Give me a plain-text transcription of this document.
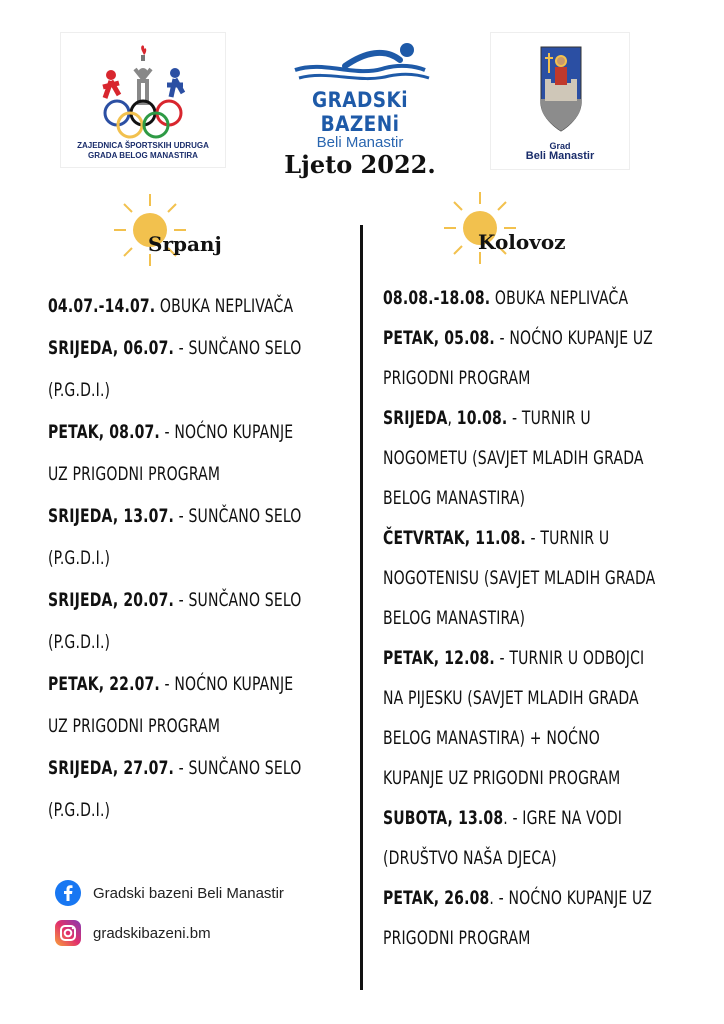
ZAJEDNICA ŠPORTSKIH UDRUGA
GRADA BELOG MANASTIRA
GRADSKi BAZENi
Beli Manastir	Grad
Beli Manastir
Ljeto 2022.
Srpanj	Kolovoz
04.07.-14.07. OBUKA NEPLIVAČA
SRIJEDA, 06.07. - SUNČANO SELO
(P.G.D.I.)
PETAK, 08.07. - NOĆNO KUPANJE
UZ PRIGODNI PROGRAM
SRIJEDA, 13.07. - SUNČANO SELO
(P.G.D.I.)
SRIJEDA, 20.07. - SUNČANO SELO
(P.G.D.I.)
PETAK, 22.07. - NOĆNO KUPANJE
UZ PRIGODNI PROGRAM
SRIJEDA, 27.07. - SUNČANO SELO
(P.G.D.I.)
08.08.-18.08. OBUKA NEPLIVAČA
PETAK, 05.08. - NOĆNO KUPANJE UZ
PRIGODNI PROGRAM
SRIJEDA, 10.08. - TURNIR U
NOGOMETU (SAVJET MLADIH GRADA
BELOG MANASTIRA)
ČETVRTAK, 11.08. - TURNIR U
NOGOTENISU (SAVJET MLADIH GRADA
BELOG MANASTIRA)
PETAK, 12.08. - TURNIR U ODBOJCI
NA PIJESKU (SAVJET MLADIH GRADA
BELOG MANASTIRA) + NOĆNO
KUPANJE UZ PRIGODNI PROGRAM
SUBOTA, 13.08. - IGRE NA VODI
(DRUŠTVO NAŠA DJECA)
PETAK, 26.08. - NOĆNO KUPANJE UZ
PRIGODNI PROGRAM
Gradski bazeni Beli Manastir
gradskibazeni.bm
